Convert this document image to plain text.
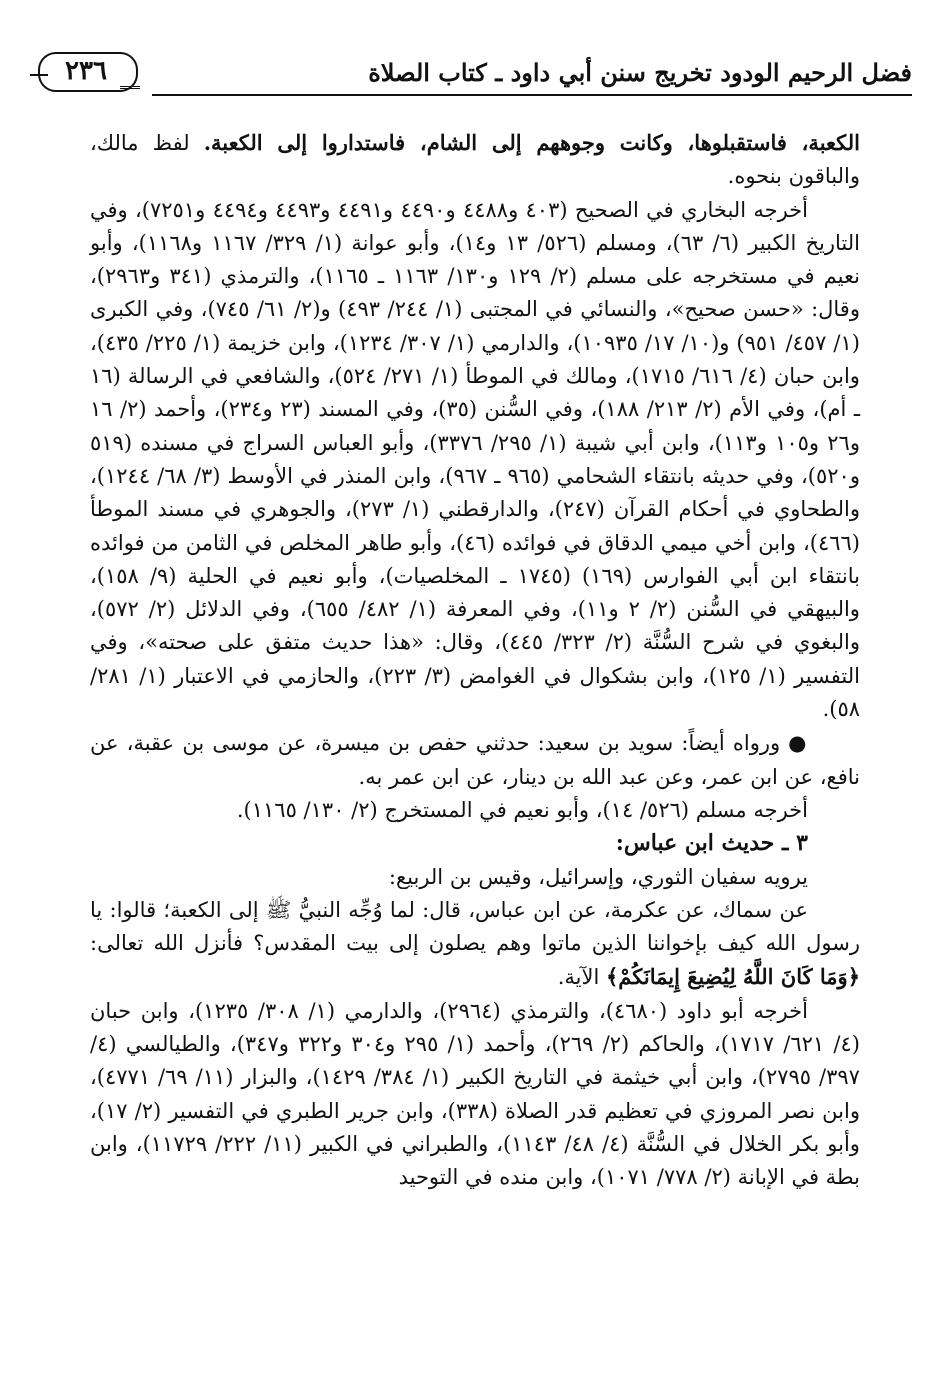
٢٣٦	فضل الرحيم الودود تخريج سنن أبي داود ـ كتاب الصلاة

الكعبة، فاستقبلوها، وكانت وجوههم إلى الشام، فاستداروا إلى الكعبة. لفظ مالك، والباقون بنحوه.

أخرجه البخاري في الصحيح (٤٠٣ و٤٤٨٨ و٤٤٩٠ و٤٤٩١ و٤٤٩٣ و٤٤٩٤ و٧٢٥١)، وفي التاريخ الكبير (٦/ ٦٣)، ومسلم (٥٢٦/ ١٣ و١٤)، وأبو عوانة (١/ ٣٢٩/ ١١٦٧ و١١٦٨)، وأبو نعيم في مستخرجه على مسلم (٢/ ١٢٩ و١٣٠/ ١١٦٣ ـ ١١٦٥)، والترمذي (٣٤١ و٢٩٦٣)، وقال: «حسن صحيح»، والنسائي في المجتبى (١/ ٢٤٤/ ٤٩٣) و(٢/ ٦١/ ٧٤٥)، وفي الكبرى (١/ ٤٥٧/ ٩٥١) و(١٠/ ١٧/ ١٠٩٣٥)، والدارمي (١/ ٣٠٧/ ١٢٣٤)، وابن خزيمة (١/ ٢٢٥/ ٤٣٥)، وابن حبان (٤/ ٦١٦/ ١٧١٥)، ومالك في الموطأ (١/ ٢٧١/ ٥٢٤)، والشافعي في الرسالة (١٦ ـ أم)، وفي الأم (٢/ ٢١٣/ ١٨٨)، وفي السُّنن (٣٥)، وفي المسند (٢٣ و٢٣٤)، وأحمد (٢/ ١٦ و٢٦ و١٠٥ و١١٣)، وابن أبي شيبة (١/ ٢٩٥/ ٣٣٧٦)، وأبو العباس السراج في مسنده (٥١٩ و٥٢٠)، وفي حديثه بانتقاء الشحامي (٩٦٥ ـ ٩٦٧)، وابن المنذر في الأوسط (٣/ ٦٨/ ١٢٤٤)، والطحاوي في أحكام القرآن (٢٤٧)، والدارقطني (١/ ٢٧٣)، والجوهري في مسند الموطأ (٤٦٦)، وابن أخي ميمي الدقاق في فوائده (٤٦)، وأبو طاهر المخلص في الثامن من فوائده بانتقاء ابن أبي الفوارس (١٦٩) (١٧٤٥ ـ المخلصيات)، وأبو نعيم في الحلية (٩/ ١٥٨)، والبيهقي في السُّنن (٢/ ٢ و١١)، وفي المعرفة (١/ ٤٨٢/ ٦٥٥)، وفي الدلائل (٢/ ٥٧٢)، والبغوي في شرح السُّنَّة (٢/ ٣٢٣/ ٤٤٥)، وقال: «هذا حديث متفق على صحته»، وفي التفسير (١/ ١٢٥)، وابن بشكوال في الغوامض (٣/ ٢٢٣)، والحازمي في الاعتبار (١/ ٢٨١/ ٥٨).

●ورواه أيضاً: سويد بن سعيد: حدثني حفص بن ميسرة، عن موسى بن عقبة، عن نافع، عن ابن عمر، وعن عبد الله بن دينار، عن ابن عمر به.

أخرجه مسلم (٥٢٦/ ١٤)، وأبو نعيم في المستخرج (٢/ ١٣٠/ ١١٦٥).

٣ ـ حديث ابن عباس:

يرويه سفيان الثوري، وإسرائيل، وقيس بن الربيع:

عن سماك، عن عكرمة، عن ابن عباس، قال: لما وُجِّه النبيُّ ﷺ إلى الكعبة؛ قالوا: يا رسول الله كيف بإخواننا الذين ماتوا وهم يصلون إلى بيت المقدس؟ فأنزل الله تعالى: ﴿وَمَا كَانَ اللَّهُ لِيُضِيعَ إِيمَانَكُمْ﴾ الآية.

أخرجه أبو داود (٤٦٨٠)، والترمذي (٢٩٦٤)، والدارمي (١/ ٣٠٨/ ١٢٣٥)، وابن حبان (٤/ ٦٢١/ ١٧١٧)، والحاكم (٢/ ٢٦٩)، وأحمد (١/ ٢٩٥ و٣٠٤ و٣٢٢ و٣٤٧)، والطيالسي (٤/ ٣٩٧/ ٢٧٩٥)، وابن أبي خيثمة في التاريخ الكبير (١/ ٣٨٤/ ١٤٢٩)، والبزار (١١/ ٦٩/ ٤٧٧١)، وابن نصر المروزي في تعظيم قدر الصلاة (٣٣٨)، وابن جرير الطبري في التفسير (٢/ ١٧)، وأبو بكر الخلال في السُّنَّة (٤/ ٤٨/ ١١٤٣)، والطبراني في الكبير (١١/ ٢٢٢/ ١١٧٢٩)، وابن بطة في الإبانة (٢/ ٧٧٨/ ١٠٧١)، وابن منده في التوحيد
